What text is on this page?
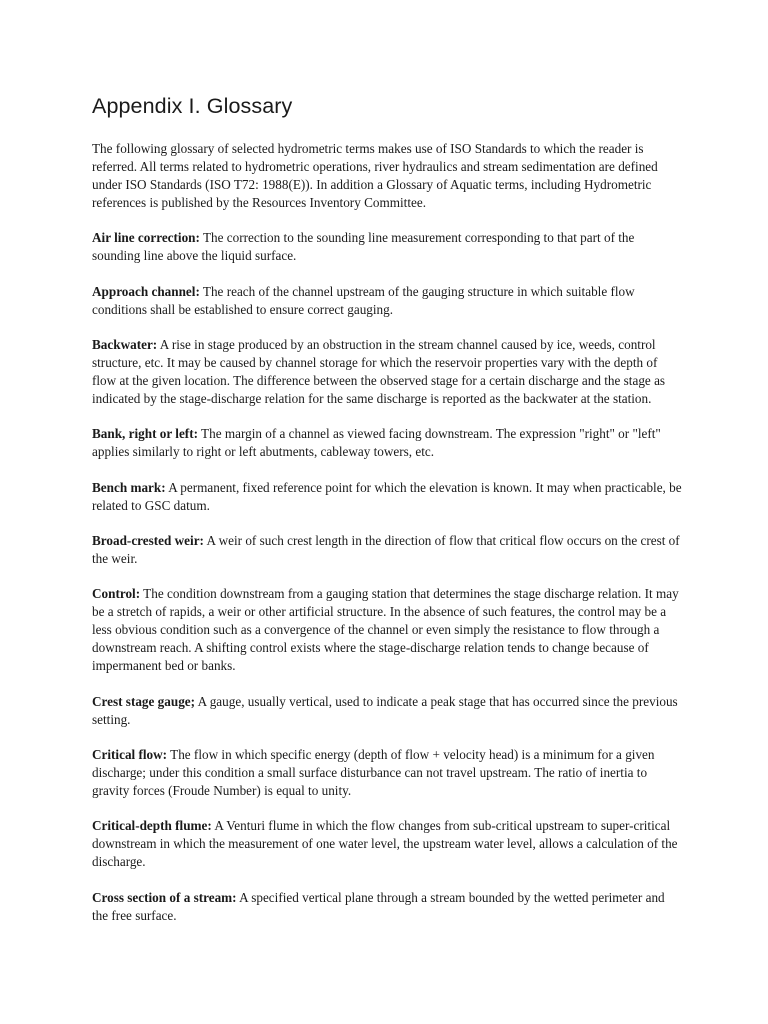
Appendix I. Glossary

The following glossary of selected hydrometric terms makes use of ISO Standards to which the reader is referred. All terms related to hydrometric operations, river hydraulics and stream sedimentation are defined under ISO Standards (ISO T72: 1988(E)). In addition a Glossary of Aquatic terms, including Hydrometric references is published by the Resources Inventory Committee.

Air line correction: The correction to the sounding line measurement corresponding to that part of the sounding line above the liquid surface.

Approach channel: The reach of the channel upstream of the gauging structure in which suitable flow conditions shall be established to ensure correct gauging.

Backwater: A rise in stage produced by an obstruction in the stream channel caused by ice, weeds, control structure, etc. It may be caused by channel storage for which the reservoir properties vary with the depth of flow at the given location. The difference between the observed stage for a certain discharge and the stage as indicated by the stage-discharge relation for the same discharge is reported as the backwater at the station.

Bank, right or left: The margin of a channel as viewed facing downstream. The expression "right" or "left" applies similarly to right or left abutments, cableway towers, etc.

Bench mark: A permanent, fixed reference point for which the elevation is known. It may when practicable, be related to GSC datum.

Broad-crested weir: A weir of such crest length in the direction of flow that critical flow occurs on the crest of the weir.

Control: The condition downstream from a gauging station that determines the stage discharge relation. It may be a stretch of rapids, a weir or other artificial structure. In the absence of such features, the control may be a less obvious condition such as a convergence of the channel or even simply the resistance to flow through a downstream reach. A shifting control exists where the stage-discharge relation tends to change because of impermanent bed or banks.

Crest stage gauge; A gauge, usually vertical, used to indicate a peak stage that has occurred since the previous setting.

Critical flow: The flow in which specific energy (depth of flow + velocity head) is a minimum for a given discharge; under this condition a small surface disturbance can not travel upstream. The ratio of inertia to gravity forces (Froude Number) is equal to unity.

Critical-depth flume: A Venturi flume in which the flow changes from sub-critical upstream to super-critical downstream in which the measurement of one water level, the upstream water level, allows a calculation of the discharge.

Cross section of a stream: A specified vertical plane through a stream bounded by the wetted perimeter and the free surface.
